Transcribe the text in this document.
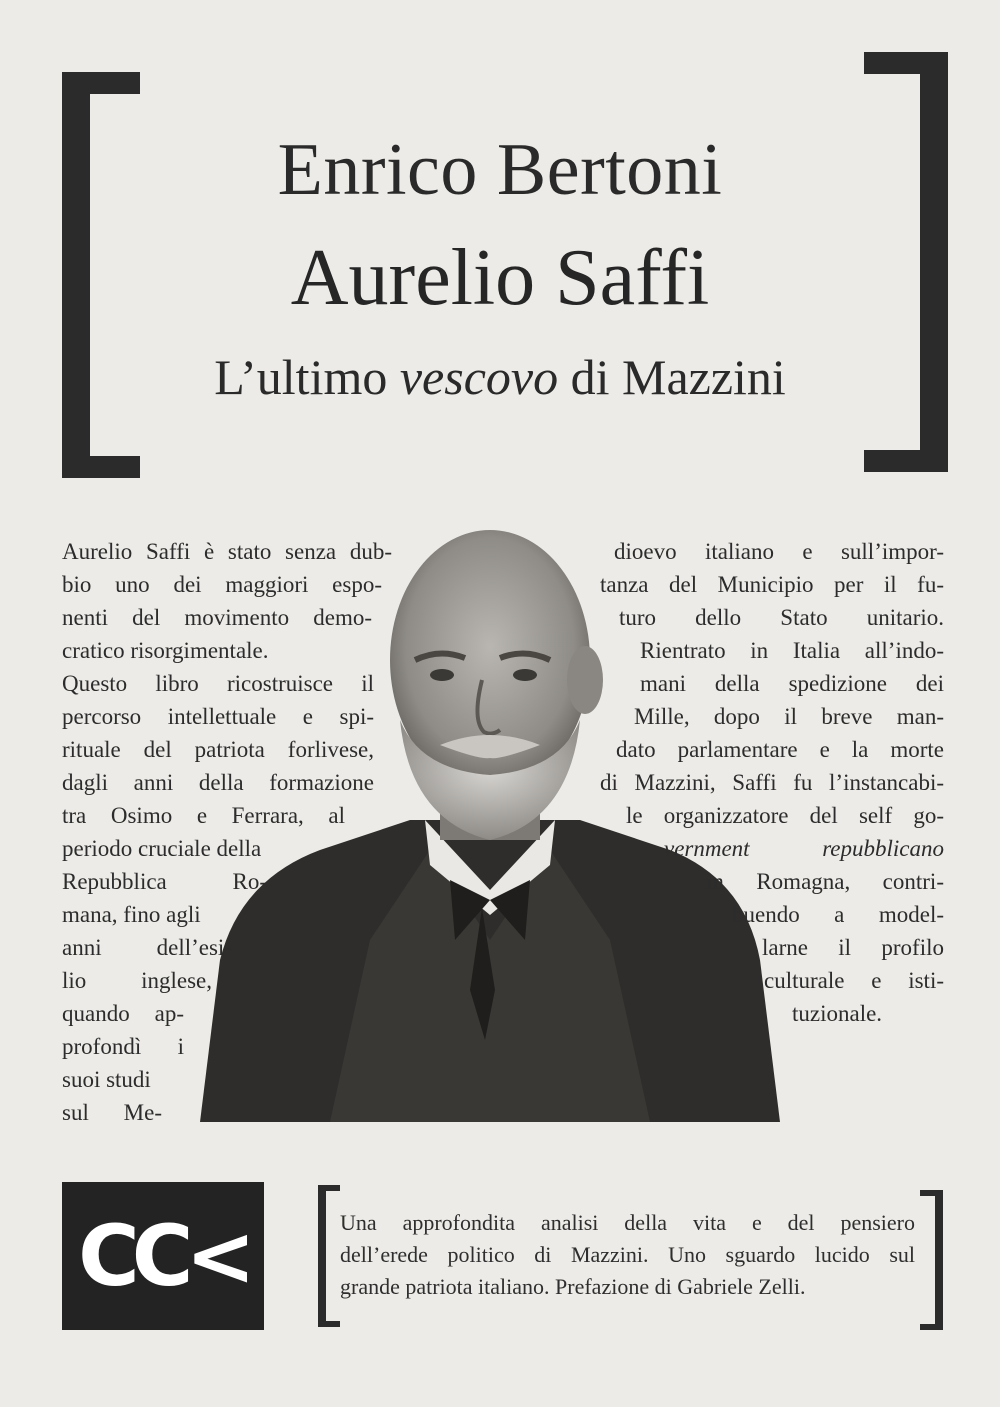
Enrico Bertoni
Aurelio Saffi
L’ultimo vescovo di Mazzini
Aurelio Saffi è stato senza dub-
bio uno dei maggiori espo-
nenti del movimento demo-
cratico risorgimentale.
Questo libro ricostruisce il
percorso intellettuale e spi-
rituale del patriota forlivese,
dagli anni della formazione
tra Osimo e Ferrara, al
periodo cruciale della
Repubblica Ro-
mana, fino agli
anni dell’esi-
lio inglese,
quando ap-
profondì i
suoi studi
sul Me-
dioevo italiano e sull’impor-
tanza del Municipio per il fu-
turo dello Stato unitario.
Rientrato in Italia all’indo-
mani della spedizione dei
Mille, dopo il breve man-
dato parlamentare e la morte
di Mazzini, Saffi fu l’instancabi-
le organizzatore del self go-
vernment repubblicano
in Romagna, contri-
buendo a model-
larne il profilo
culturale e isti-
tuzionale.
CC<	Una approfondita analisi della vita e del pensiero
dell’erede politico di Mazzini. Uno sguardo lucido sul
grande patriota italiano. Prefazione di Gabriele Zelli.
